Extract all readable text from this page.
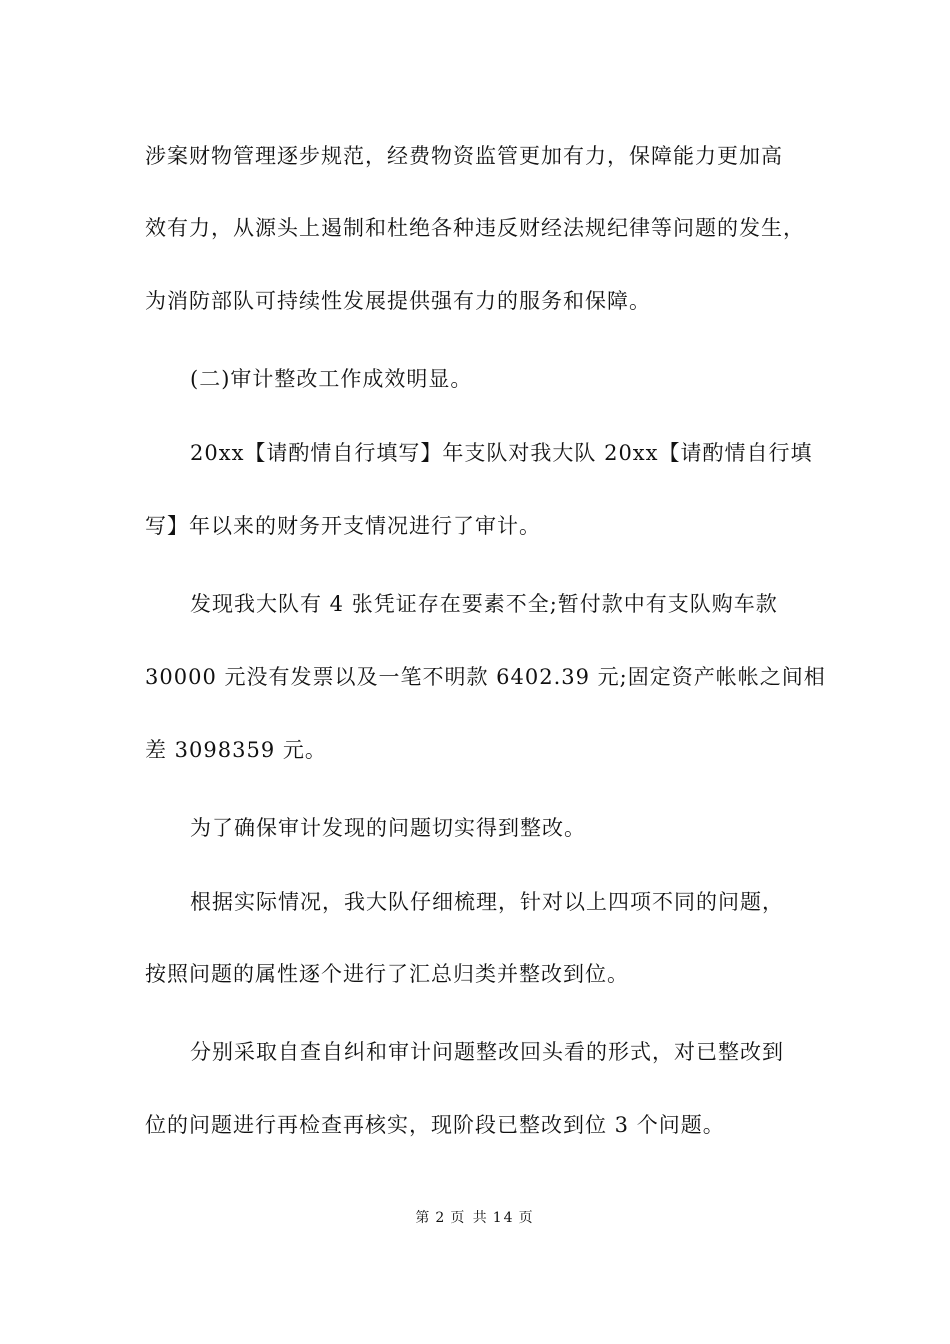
涉案财物管理逐步规范，经费物资监管更加有力，保障能力更加高
效有力，从源头上遏制和杜绝各种违反财经法规纪律等问题的发生，
为消防部队可持续性发展提供强有力的服务和保障。
(二)审计整改工作成效明显。
20xx【请酌情自行填写】年支队对我大队 20xx【请酌情自行填
写】年以来的财务开支情况进行了审计。
发现我大队有 4 张凭证存在要素不全;暂付款中有支队购车款
30000 元没有发票以及一笔不明款 6402.39 元;固定资产帐帐之间相
差 3098359 元。
为了确保审计发现的问题切实得到整改。
根据实际情况，我大队仔细梳理，针对以上四项不同的问题，
按照问题的属性逐个进行了汇总归类并整改到位。
分别采取自查自纠和审计问题整改回头看的形式，对已整改到
位的问题进行再检查再核实，现阶段已整改到位 3 个问题。
第 2 页 共 14 页
